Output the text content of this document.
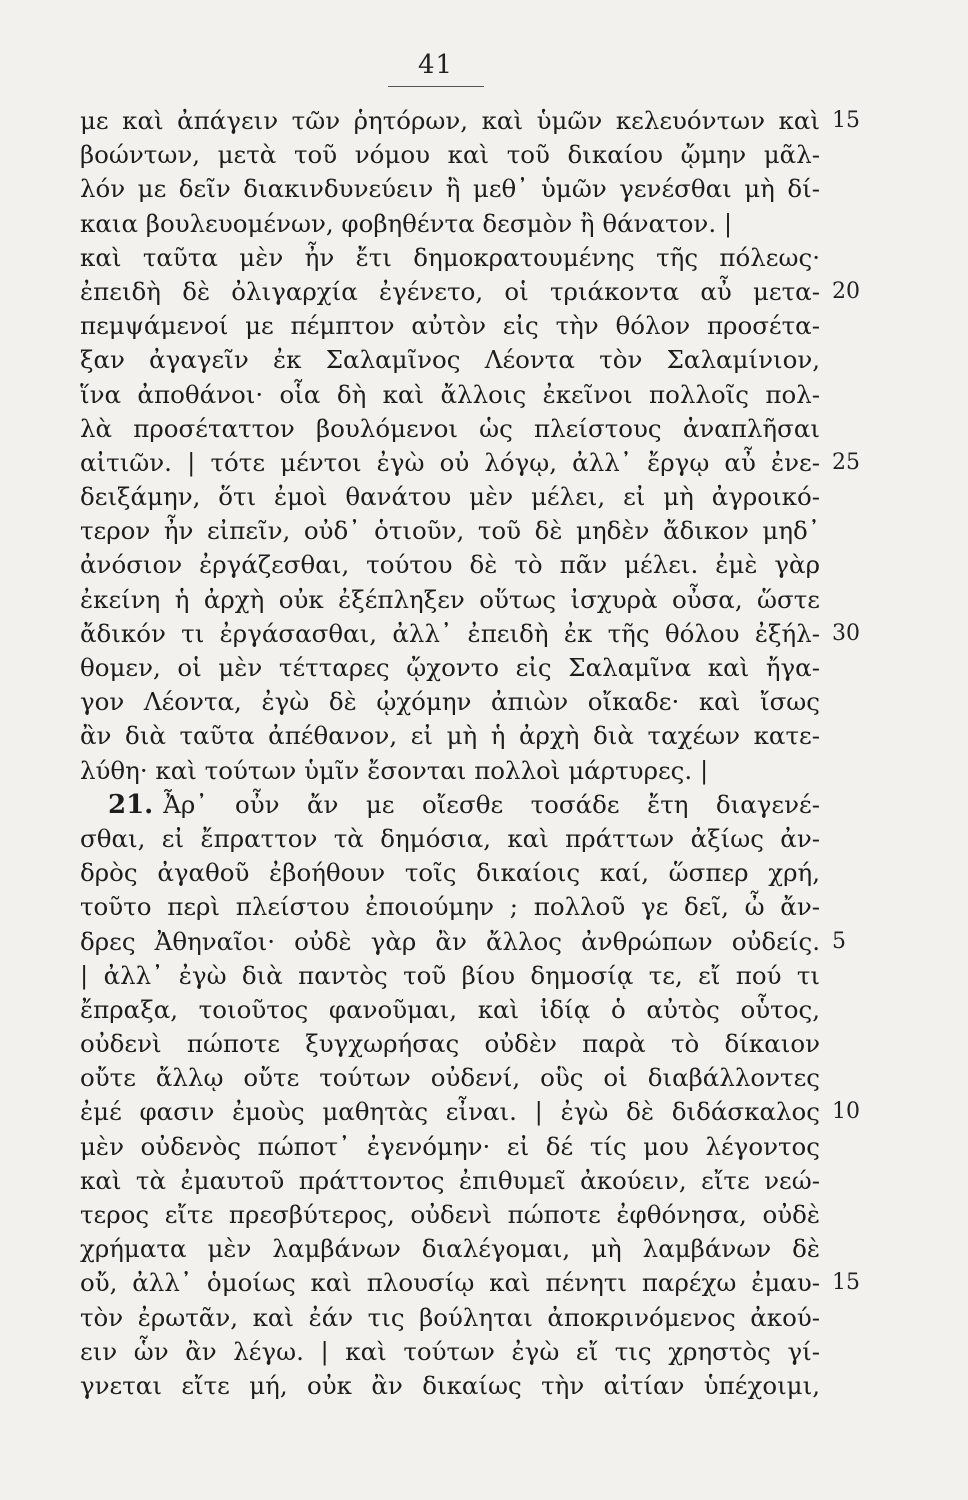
41
με καὶ ἀπάγειν τῶν ῥητόρων, καὶ ὑμῶν κελευόντων καὶ 15
βοώντων, μετὰ τοῦ νόμου καὶ τοῦ δικαίου ᾤμην μᾶλ-
λόν με δεῖν διακινδυνεύειν ἢ μεθ᾽ ὑμῶν γενέσθαι μὴ δί-
καια βουλευομένων, φοβηθέντα δεσμὸν ἢ θάνατον. |
καὶ ταῦτα μὲν ἦν ἔτι δημοκρατουμένης τῆς πόλεως·
ἐπειδὴ δὲ ὀλιγαρχία ἐγένετο, οἱ τριάκοντα αὖ μετα- 20
πεμψάμενοί με πέμπτον αὐτὸν εἰς τὴν θόλον προσέτα-
ξαν ἀγαγεῖν ἐκ Σαλαμῖνος Λέοντα τὸν Σαλαμίνιον,
ἵνα ἀποθάνοι· οἷα δὴ καὶ ἄλλοις ἐκεῖνοι πολλοῖς πολ-
λὰ προσέταττον βουλόμενοι ὡς πλείστους ἀναπλῆσαι
αἰτιῶν. | τότε μέντοι ἐγὼ οὐ λόγῳ, ἀλλ᾽ ἔργῳ αὖ ἐνε- 25
δειξάμην, ὅτι ἐμοὶ θανάτου μὲν μέλει, εἰ μὴ ἀγροικό-
τερον ἦν εἰπεῖν, οὐδ᾽ ὁτιοῦν, τοῦ δὲ μηδὲν ἄδικον μηδ᾽
ἀνόσιον ἐργάζεσθαι, τούτου δὲ τὸ πᾶν μέλει. ἐμὲ γὰρ
ἐκείνη ἡ ἀρχὴ οὐκ ἐξέπληξεν οὕτως ἰσχυρὰ οὖσα, ὥστε
ἄδικόν τι ἐργάσασθαι, ἀλλ᾽ ἐπειδὴ ἐκ τῆς θόλου ἐξήλ- 30
θομεν, οἱ μὲν τέτταρες ᾤχοντο εἰς Σαλαμῖνα καὶ ἤγα-
γον Λέοντα, ἐγὼ δὲ ᾠχόμην ἀπιὼν οἴκαδε· καὶ ἴσως
ἂν διὰ ταῦτα ἀπέθανον, εἰ μὴ ἡ ἀρχὴ διὰ ταχέων κατε-
λύθη· καὶ τούτων ὑμῖν ἔσονται πολλοὶ μάρτυρες. |
21. Ἆρ᾽ οὖν ἄν με οἴεσθε τοσάδε ἔτη διαγενέ-
σθαι, εἰ ἔπραττον τὰ δημόσια, καὶ πράττων ἀξίως ἀν-
δρὸς ἀγαθοῦ ἐβοήθουν τοῖς δικαίοις καί, ὥσπερ χρή,
τοῦτο περὶ πλείστου ἐποιούμην ; πολλοῦ γε δεῖ, ὦ ἄν-
δρες Ἀθηναῖοι· οὐδὲ γὰρ ἂν ἄλλος ἀνθρώπων οὐδείς. 5
| ἀλλ᾽ ἐγὼ διὰ παντὸς τοῦ βίου δημοσίᾳ τε, εἴ πού τι
ἔπραξα, τοιοῦτος φανοῦμαι, καὶ ἰδίᾳ ὁ αὐτὸς οὗτος,
οὐδενὶ πώποτε ξυγχωρήσας οὐδὲν παρὰ τὸ δίκαιον
οὔτε ἄλλῳ οὔτε τούτων οὐδενί, οὓς οἱ διαβάλλοντες
ἐμέ φασιν ἐμοὺς μαθητὰς εἶναι. | ἐγὼ δὲ διδάσκαλος 10
μὲν οὐδενὸς πώποτ᾽ ἐγενόμην· εἰ δέ τίς μου λέγοντος
καὶ τὰ ἐμαυτοῦ πράττοντος ἐπιθυμεῖ ἀκούειν, εἴτε νεώ-
τερος εἴτε πρεσβύτερος, οὐδενὶ πώποτε ἐφθόνησα, οὐδὲ
χρήματα μὲν λαμβάνων διαλέγομαι, μὴ λαμβάνων δὲ
οὔ, ἀλλ᾽ ὁμοίως καὶ πλουσίῳ καὶ πένητι παρέχω ἐμαυ- 15
τὸν ἐρωτᾶν, καὶ ἐάν τις βούληται ἀποκρινόμενος ἀκού-
ειν ὧν ἂν λέγω. | καὶ τούτων ἐγὼ εἴ τις χρηστὸς γί-
γνεται εἴτε μή, οὐκ ἂν δικαίως τὴν αἰτίαν ὑπέχοιμι,
